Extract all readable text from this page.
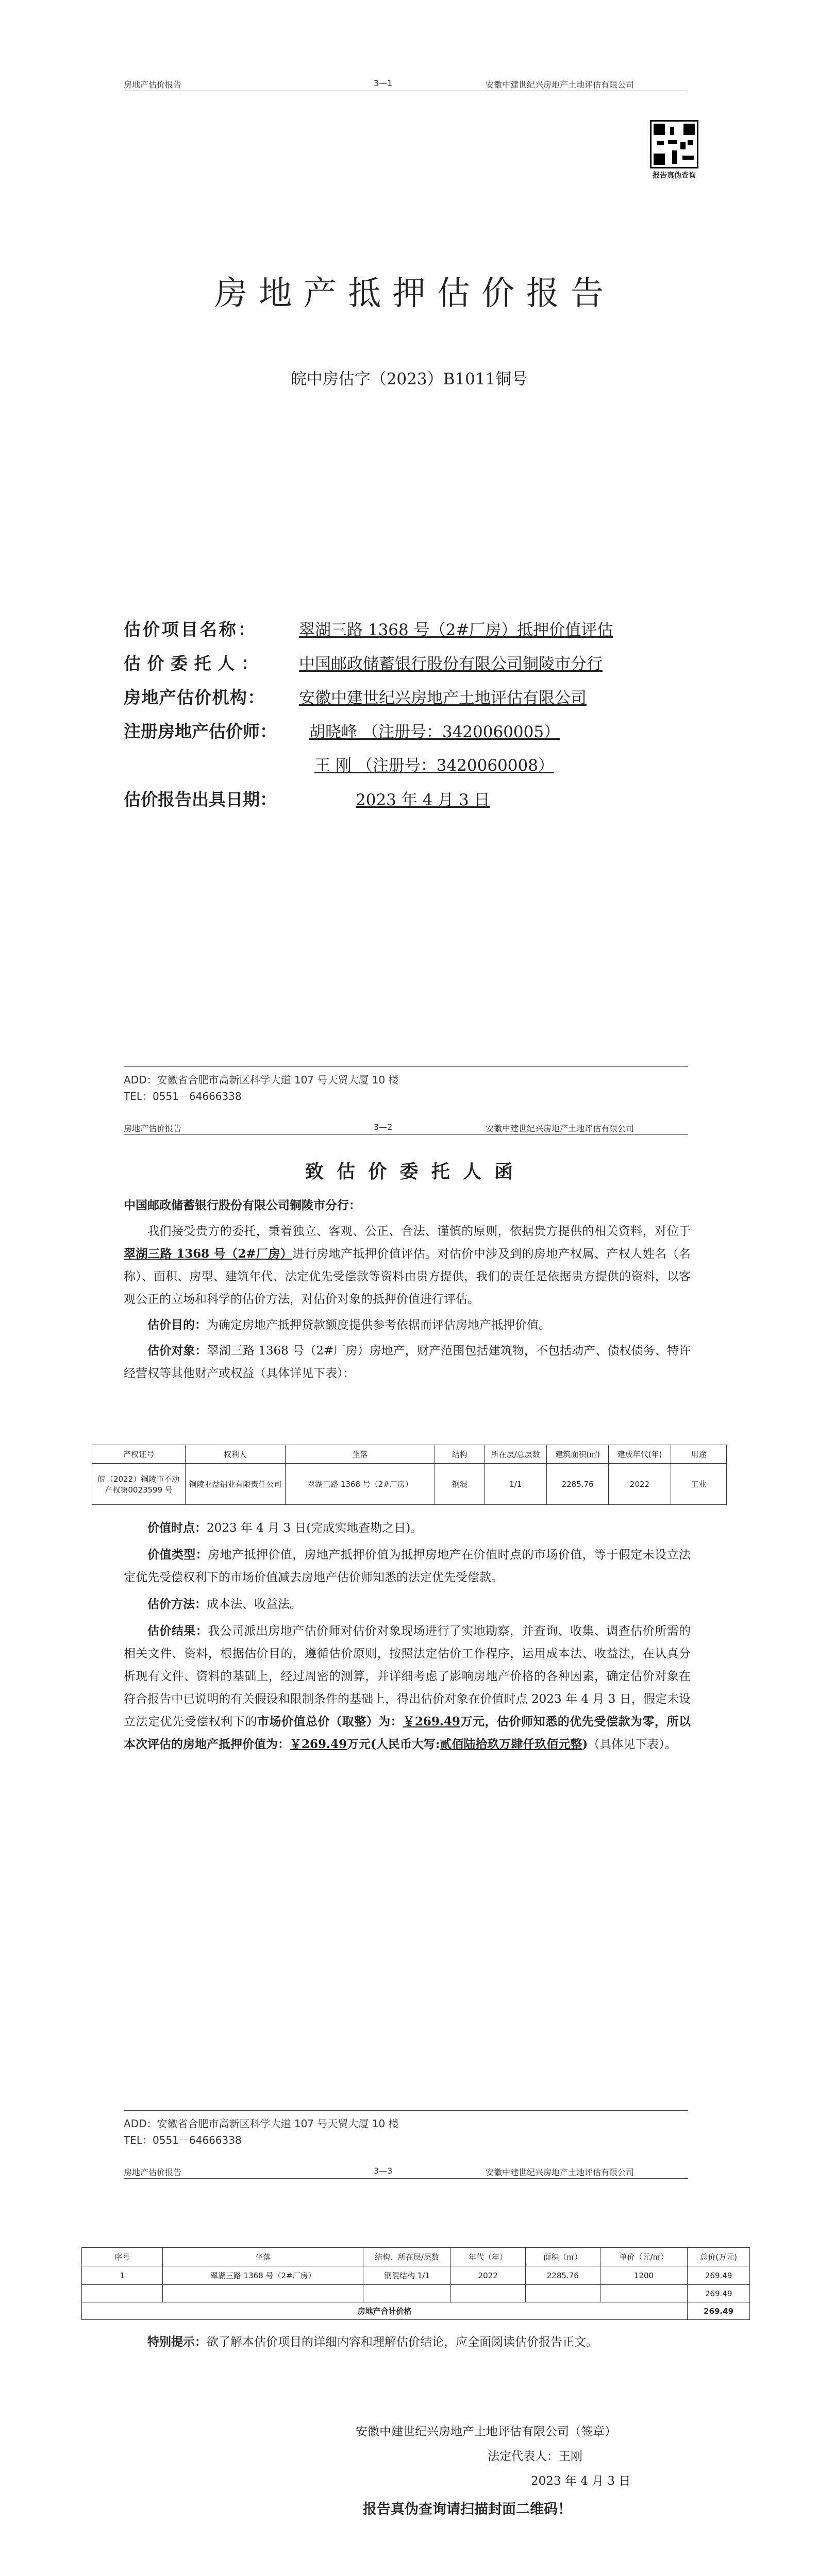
房地产估价报告	3—1	安徽中建世纪兴房地产土地评估有限公司
报告真伪查询
房地产抵押估价报告
皖中房估字（2023）B1011铜号
估价项目名称：	翠湖三路 1368 号（2#厂房）抵押价值评估
估价委托人：	中国邮政储蓄银行股份有限公司铜陵市分行
房地产估价机构：	安徽中建世纪兴房地产土地评估有限公司
注册房地产估价师：	胡晓峰 （注册号：3420060005）
王 刚 （注册号：3420060008）
估价报告出具日期：	2023 年 4 月 3 日
ADD：安徽省合肥市高新区科学大道 107 号天贸大厦 10 楼
TEL：0551－64666338
房地产估价报告	3—2	安徽中建世纪兴房地产土地评估有限公司
致估价委托人函

中国邮政储蓄银行股份有限公司铜陵市分行：

我们接受贵方的委托，秉着独立、客观、公正、合法、谨慎的原则，依据贵方提供的相关资料，对位于翠湖三路 1368 号（2#厂房）进行房地产抵押价值评估。对估价中涉及到的房地产权属、产权人姓名（名称）、面积、房型、建筑年代、法定优先受偿款等资料由贵方提供，我们的责任是依据贵方提供的资料，以客观公正的立场和科学的估价方法，对估价对象的抵押价值进行评估。

估价目的：为确定房地产抵押贷款额度提供参考依据而评估房地产抵押价值。

估价对象：翠湖三路 1368 号（2#厂房）房地产，财产范围包括建筑物，不包括动产、债权债务、特许经营权等其他财产或权益（具体详见下表）：

产权证号	权利人	坐落	结构	所在层/总层数	建筑面积(㎡)	建成年代(年)	用途
皖（2022）铜陵市不动产权第0023599 号	铜陵亚益铝业有限责任公司	翠湖三路 1368 号（2#厂房）	钢混	1/1	2285.76	2022	工业

价值时点：2023 年 4 月 3 日(完成实地查勘之日)。

价值类型：房地产抵押价值，房地产抵押价值为抵押房地产在价值时点的市场价值，等于假定未设立法定优先受偿权利下的市场价值减去房地产估价师知悉的法定优先受偿款。

估价方法：成本法、收益法。

估价结果：我公司派出房地产估价师对估价对象现场进行了实地勘察，并查询、收集、调查估价所需的相关文件、资料，根据估价目的，遵循估价原则，按照法定估价工作程序，运用成本法、收益法，在认真分析现有文件、资料的基础上，经过周密的测算，并详细考虑了影响房地产价格的各种因素，确定估价对象在符合报告中已说明的有关假设和限制条件的基础上，得出估价对象在价值时点 2023 年 4 月 3 日，假定未设立法定优先受偿权利下的市场价值总价（取整）为：￥269.49万元，估价师知悉的优先受偿款为零，所以本次评估的房地产抵押价值为：￥269.49万元(人民币大写:贰佰陆拾玖万肆仟玖佰元整)（具体见下表）。

ADD：安徽省合肥市高新区科学大道 107 号天贸大厦 10 楼
TEL：0551－64666338
房地产估价报告	3—3	安徽中建世纪兴房地产土地评估有限公司
序号	坐落	结构、所在层/层数	年代（年）	面积（㎡）	单价（元/㎡）	总价(万元)
1	翠湖三路 1368 号（2#厂房）	钢混结构 1/1	2022	2285.76	1200	269.49
						269.49
房地产合计价格						269.49

特别提示：欲了解本估价项目的详细内容和理解估价结论，应全面阅读估价报告正文。

安徽中建世纪兴房地产土地评估有限公司（签章）
法定代表人：王刚
2023 年 4 月 3 日
报告真伪查询请扫描封面二维码！
